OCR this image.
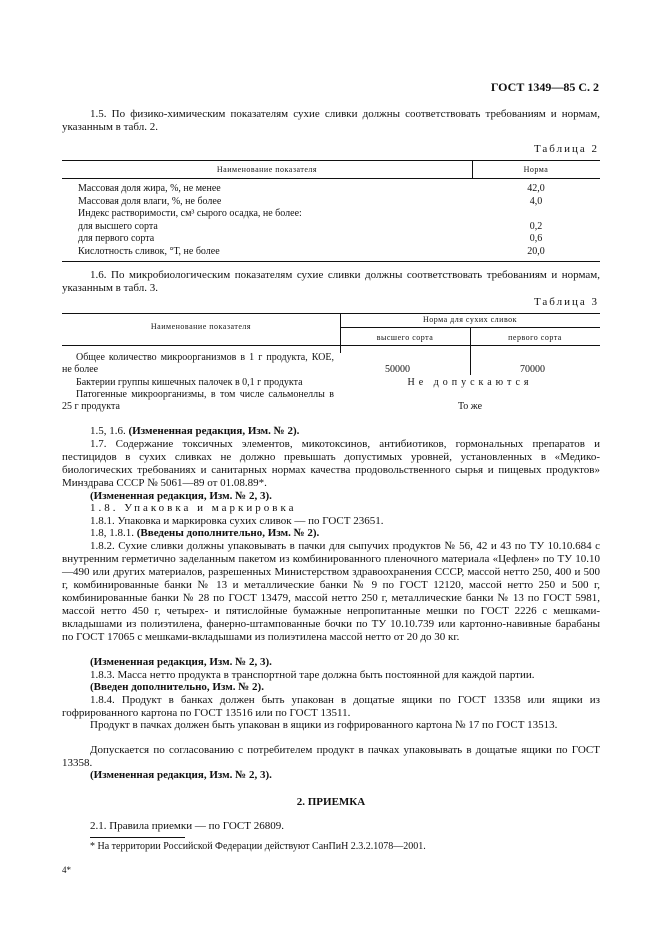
ГОСТ 1349—85 С. 2
1.5. По физико-химическим показателям сухие сливки должны соответствовать требованиям и нормам, указанным в табл. 2.
Таблица 2
Наименование показателя	Норма
Массовая доля жира, %, не менее	42,0
Массовая доля влаги, %, не более	4,0
Индекс растворимости, см³ сырого осадка, не более:
для высшего сорта	0,2
для первого сорта	0,6
Кислотность сливок, °Т, не более	20,0
1.6. По микробиологическим показателям сухие сливки должны соответствовать требованиям и нормам, указанным в табл. 3.
Таблица 3
Наименование показателя
Норма для сухих сливок
высшего сорта	первого сорта
Общее количество микроорганизмов в 1 г продукта, КОЕ, не более	50000	70000
Бактерии группы кишечных палочек в 0,1 г продукта	Не допускаются
Патогенные микроорганизмы, в том числе сальмонеллы в 25 г продукта	То же
1.5, 1.6. (Измененная редакция, Изм. № 2).
1.7. Содержание токсичных элементов, микотоксинов, антибиотиков, гормональных препаратов и пестицидов в сухих сливках не должно превышать допустимых уровней, установленных в «Медико-биологических требованиях и санитарных нормах качества продовольственного сырья и пищевых продуктов» Минздрава СССР № 5061—89 от 01.08.89*.
(Измененная редакция, Изм. № 2, 3).
1.8. Упаковка и маркировка
1.8.1. Упаковка и маркировка сухих сливок — по ГОСТ 23651.
1.8, 1.8.1. (Введены дополнительно, Изм. № 2).
1.8.2. Сухие сливки должны упаковывать в пачки для сыпучих продуктов № 56, 42 и 43 по ТУ 10.10.684 с внутренним герметично заделанным пакетом из комбинированного пленочного материала «Цефлен» по ТУ 10.10—490 или других материалов, разрешенных Министерством здравоохранения СССР, массой нетто 250, 400 и 500 г, комбинированные банки № 13 и металлические банки № 9 по ГОСТ 12120, массой нетто 250 и 500 г, комбинированные банки № 28 по ГОСТ 13479, массой нетто 250 г, металлические банки № 13 по ГОСТ 5981, массой нетто 450 г, четырех- и пятислойные бумажные непропитанные мешки по ГОСТ 2226 с мешками-вкладышами из полиэтилена, фанерно-штампованные бочки по ТУ 10.10.739 или картонно-навивные барабаны по ГОСТ 17065 с мешками-вкладышами из полиэтилена массой нетто от 20 до 30 кг.
(Измененная редакция, Изм. № 2, 3).
1.8.3. Масса нетто продукта в транспортной таре должна быть постоянной для каждой партии.
(Введен дополнительно, Изм. № 2).
1.8.4. Продукт в банках должен быть упакован в дощатые ящики по ГОСТ 13358 или ящики из гофрированного картона по ГОСТ 13516 или по ГОСТ 13511.
Продукт в пачках должен быть упакован в ящики из гофрированного картона № 17 по ГОСТ 13513.
Допускается по согласованию с потребителем продукт в пачках упаковывать в дощатые ящики по ГОСТ 13358.
(Измененная редакция, Изм. № 2, 3).
2. ПРИЕМКА
2.1. Правила приемки — по ГОСТ 26809.
* На территории Российской Федерации действуют СанПиН 2.3.2.1078—2001.
4*
